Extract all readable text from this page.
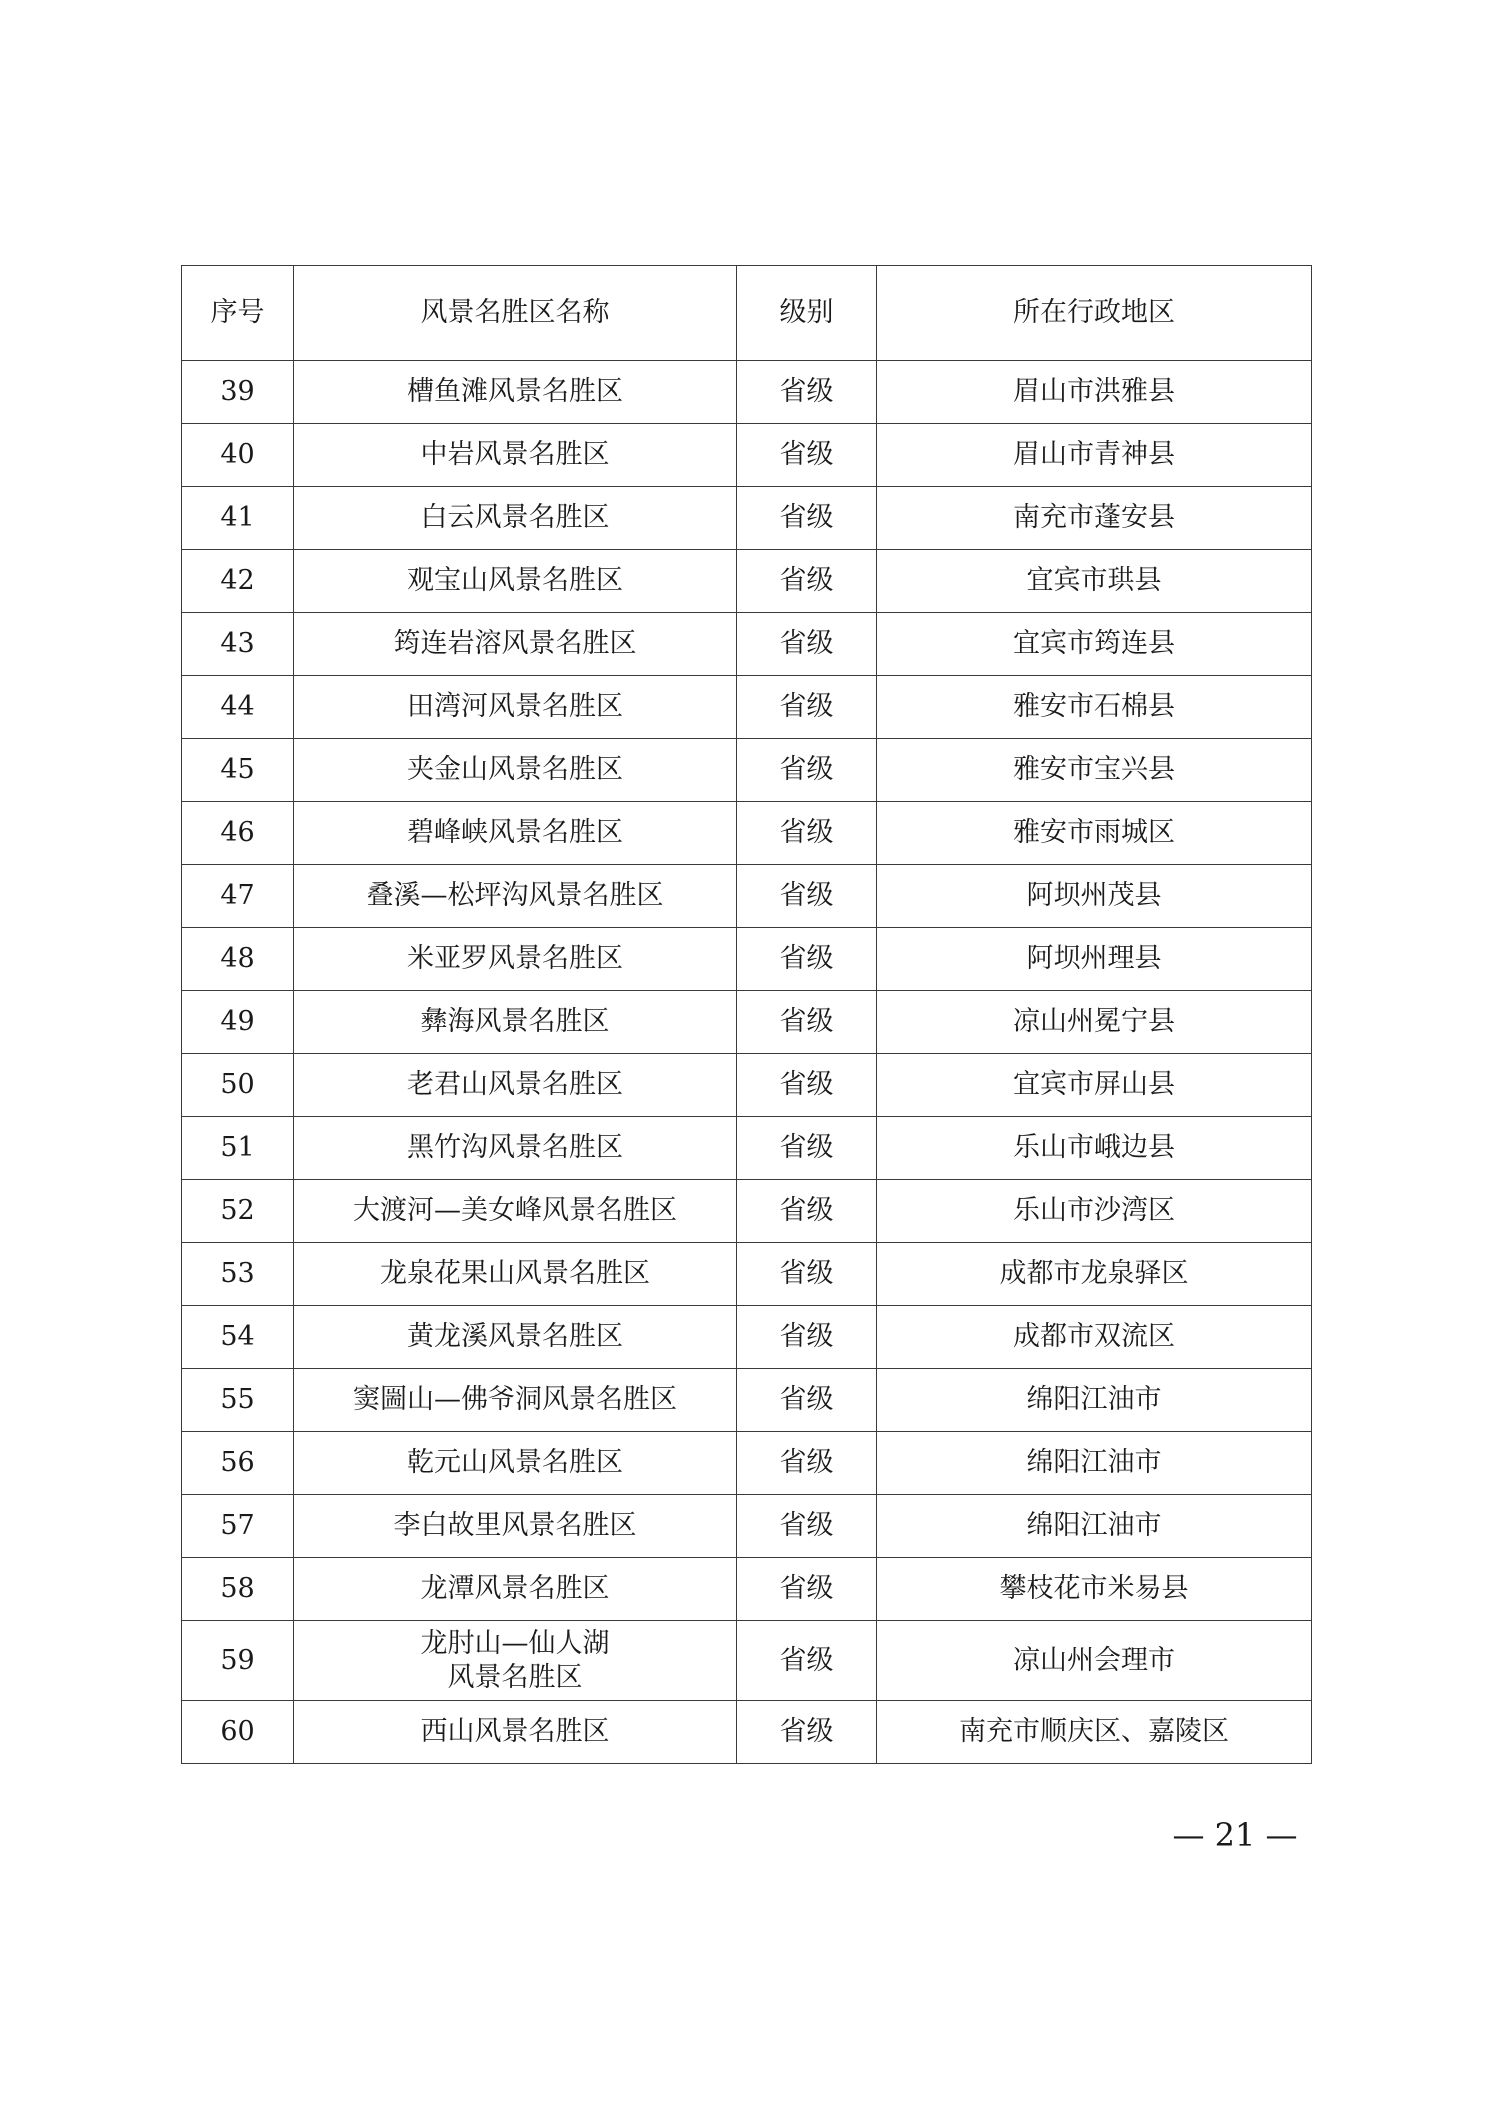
序号	风景名胜区名称	级别	所在行政地区
39	槽鱼滩风景名胜区	省级	眉山市洪雅县
40	中岩风景名胜区	省级	眉山市青神县
41	白云风景名胜区	省级	南充市蓬安县
42	观宝山风景名胜区	省级	宜宾市珙县
43	筠连岩溶风景名胜区	省级	宜宾市筠连县
44	田湾河风景名胜区	省级	雅安市石棉县
45	夹金山风景名胜区	省级	雅安市宝兴县
46	碧峰峡风景名胜区	省级	雅安市雨城区
47	叠溪—松坪沟风景名胜区	省级	阿坝州茂县
48	米亚罗风景名胜区	省级	阿坝州理县
49	彝海风景名胜区	省级	凉山州冕宁县
50	老君山风景名胜区	省级	宜宾市屏山县
51	黑竹沟风景名胜区	省级	乐山市峨边县
52	大渡河—美女峰风景名胜区	省级	乐山市沙湾区
53	龙泉花果山风景名胜区	省级	成都市龙泉驿区
54	黄龙溪风景名胜区	省级	成都市双流区
55	窦圌山—佛爷洞风景名胜区	省级	绵阳江油市
56	乾元山风景名胜区	省级	绵阳江油市
57	李白故里风景名胜区	省级	绵阳江油市
58	龙潭风景名胜区	省级	攀枝花市米易县
59	龙肘山—仙人湖
风景名胜区	省级	凉山州会理市
60	西山风景名胜区	省级	南充市顺庆区、嘉陵区
— 21 —
